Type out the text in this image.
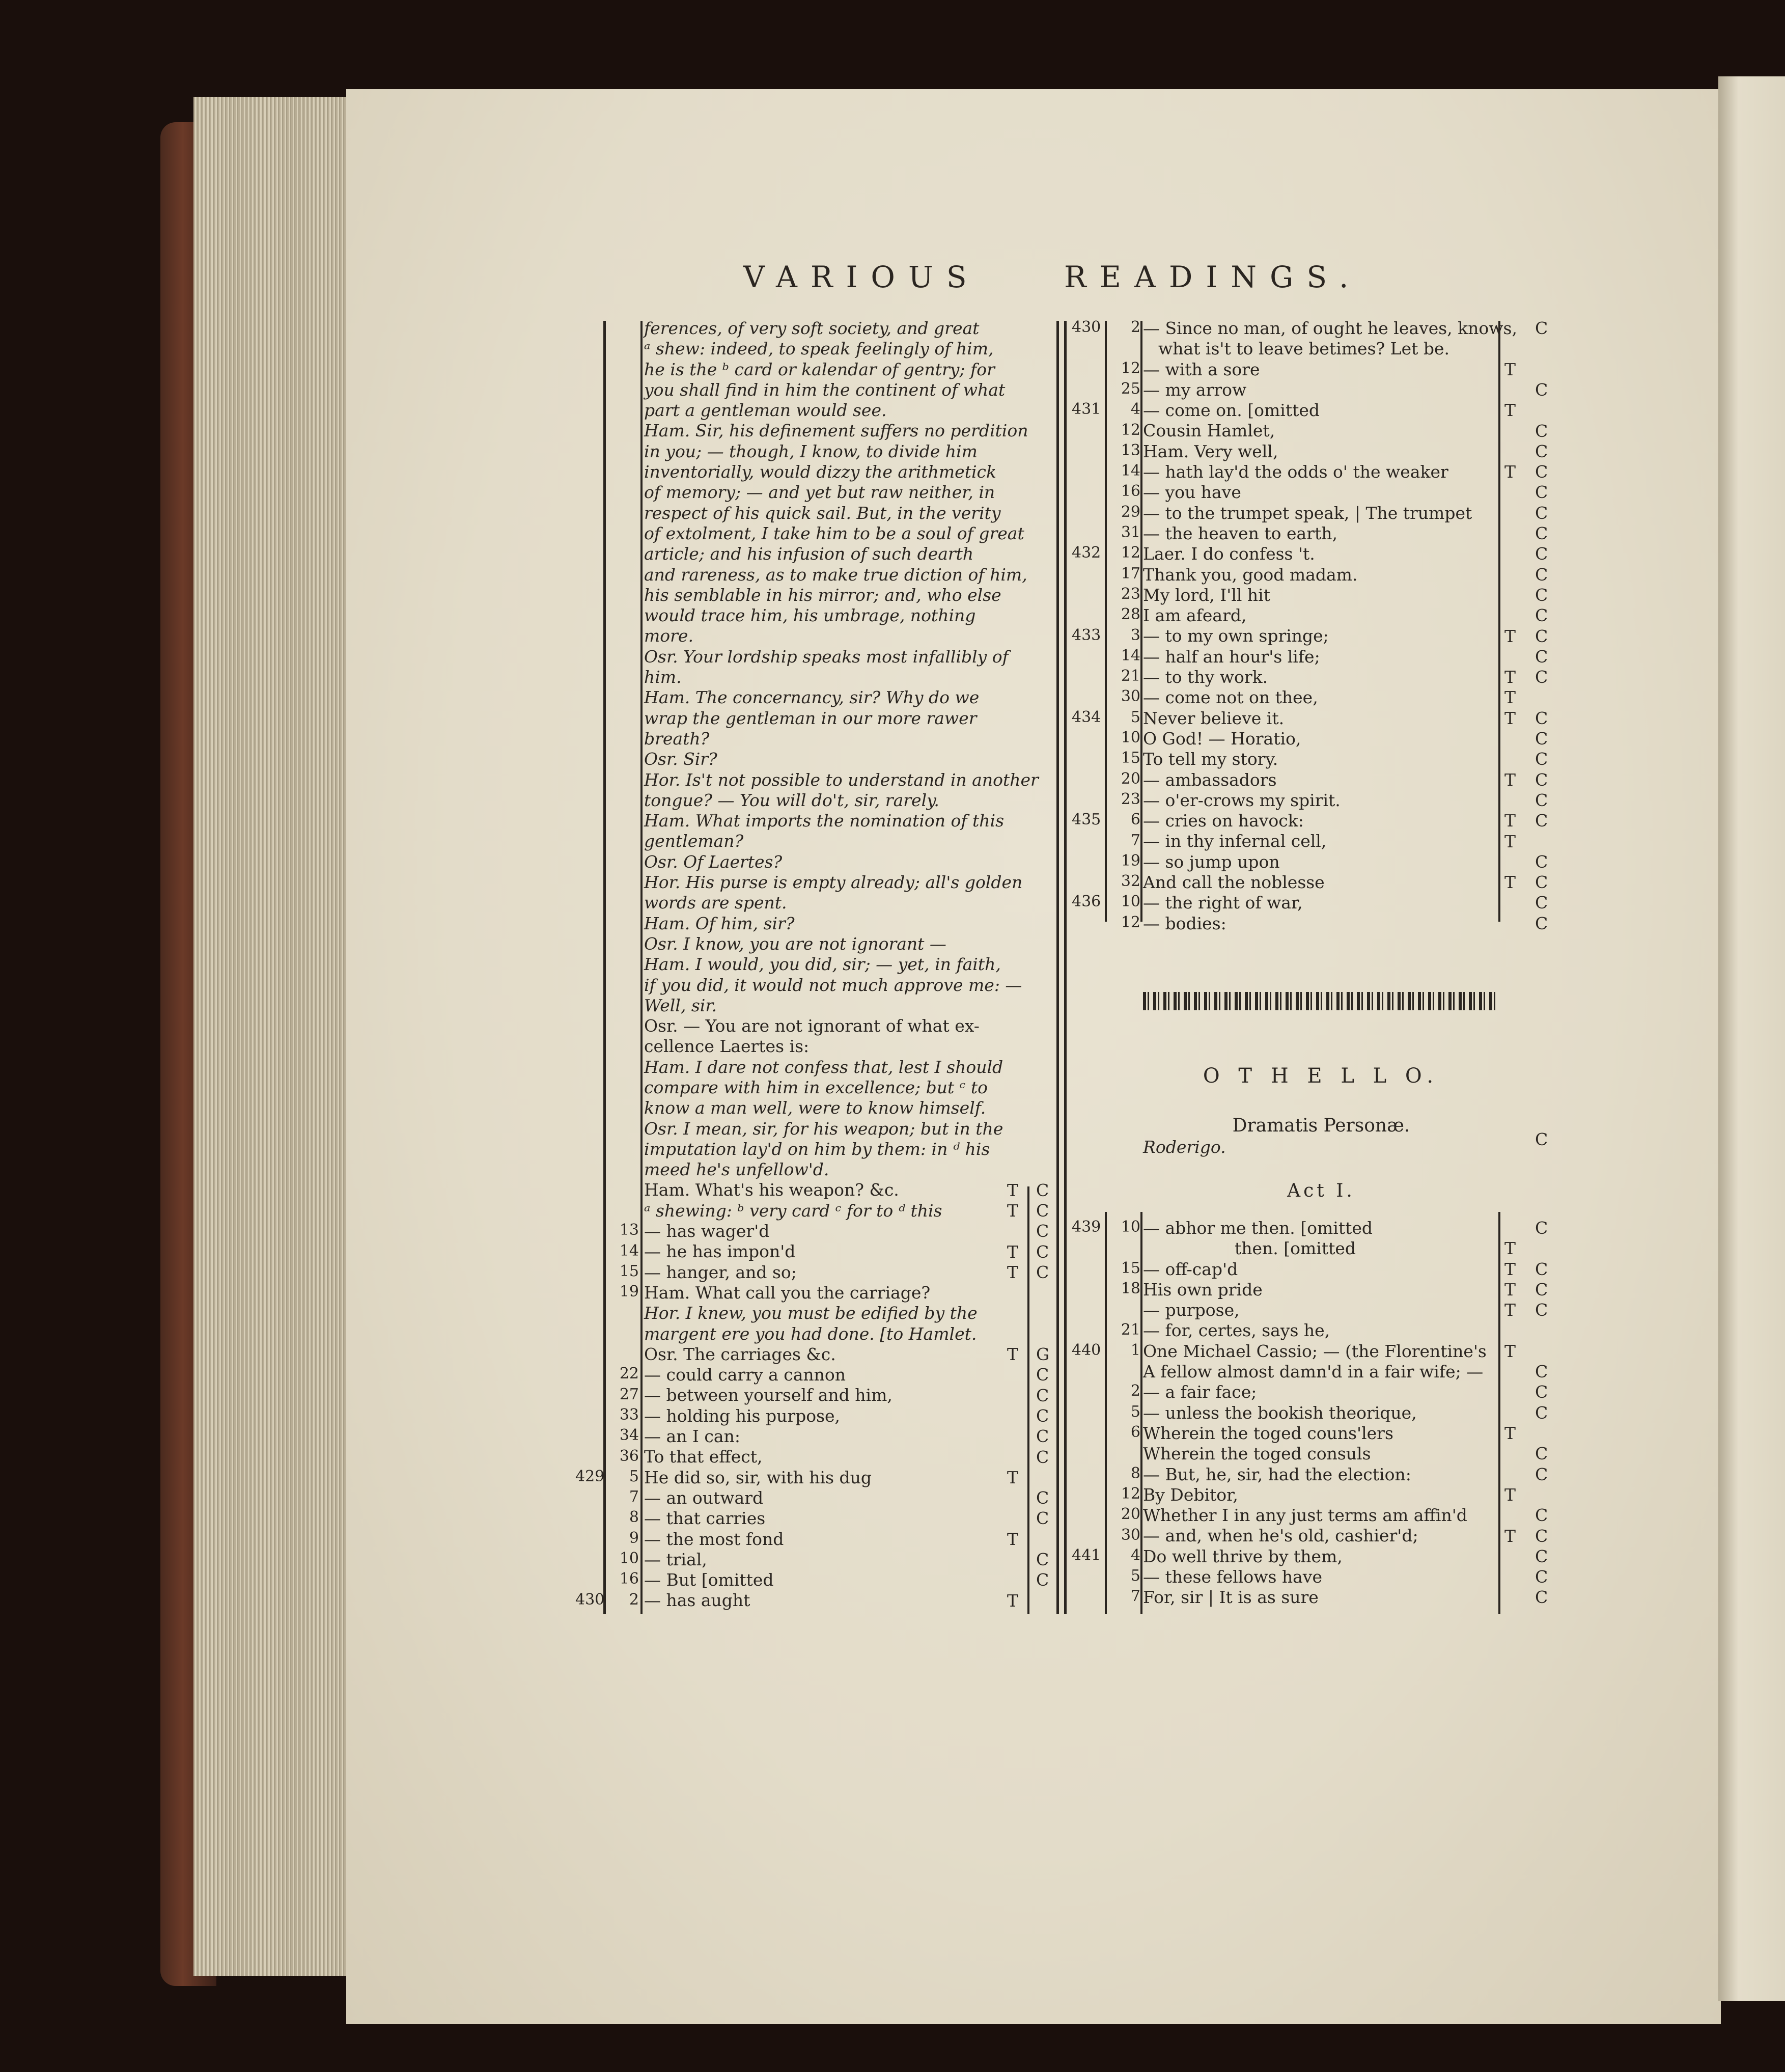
VARIOUS	READINGS.
ferences, of very soft society, and great
ᵃ shew: indeed, to speak feelingly of him,
he is the ᵇ card or kalendar of gentry; for
you shall find in him the continent of what
part a gentleman would see.
Ham. Sir, his definement suffers no perdition
in you; — though, I know, to divide him
inventorially, would dizzy the arithmetick
of memory; — and yet but raw neither, in
respect of his quick sail. But, in the verity
of extolment, I take him to be a soul of great
article; and his infusion of such dearth
and rareness, as to make true diction of him,
his semblable in his mirror; and, who else
would trace him, his umbrage, nothing
more.
Osr. Your lordship speaks most infallibly of
him.
Ham. The concernancy, sir? Why do we
wrap the gentleman in our more rawer
breath?
Osr. Sir?
Hor. Is't not possible to understand in another
tongue? — You will do't, sir, rarely.
Ham. What imports the nomination of this
gentleman?
Osr. Of Laertes?
Hor. His purse is empty already; all's golden
words are spent.
Ham. Of him, sir?
Osr. I know, you are not ignorant —
Ham. I would, you did, sir; — yet, in faith,
if you did, it would not much approve me: —
Well, sir.
Osr. — You are not ignorant of what ex-
cellence Laertes is:
Ham. I dare not confess that, lest I should
compare with him in excellence; but ᶜ to
know a man well, were to know himself.
Osr. I mean, sir, for his weapon; but in the
imputation lay'd on him by them: in ᵈ his
meed he's unfellow'd.
Ham. What's his weapon? &c.
ᵃ shewing: ᵇ very card ᶜ for to ᵈ this
— has wager'd
— he has impon'd
— hanger, and so;
Ham. What call you the carriage?
Hor. I knew, you must be edified by the
margent ere you had done. [to Hamlet.
Osr. The carriages &c.
— could carry a cannon
— between yourself and him,
— holding his purpose,
— an I can:
To that effect,
He did so, sir, with his dug
— an outward
— that carries
— the most fond
— trial,
— But [omitted
— has aught
13
14
15
19
22
27
33
34
36
5
7
8
9
10
16
2
429
430
T
T
T
T
T
T
T
T
C
C
C
C
C
G
C
C
C
C
C
C
C
C
C
— Since no man, of ought he leaves, knows,
what is't to leave betimes? Let be.
— with a sore
— my arrow
— come on. [omitted
Cousin Hamlet,
Ham. Very well,
— hath lay'd the odds o' the weaker
— you have
— to the trumpet speak, | The trumpet
— the heaven to earth,
Laer. I do confess 't.
Thank you, good madam.
My lord, I'll hit
I am afeard,
— to my own springe;
— half an hour's life;
— to thy work.
— come not on thee,
Never believe it.
O God! — Horatio,
To tell my story.
— ambassadors
— o'er-crows my spirit.
— cries on havock:
— in thy infernal cell,
— so jump upon
And call the noblesse
— the right of war,
— bodies:
2
12
25
4
12
13
14
16
29
31
12
17
23
28
3
14
21
30
5
10
15
20
23
6
7
19
32
10
12
430
431
432
433
434
435
436
T
T
T
T
T
T
T
T
T
T
T
C
C
C
C
C
C
C
C
C
C
C
C
C
C
C
C
C
C
C
C
C
C
C
C
C
O T H E L L O.
Dramatis Personæ.
Roderigo.	C
Act I.
— abhor me then. [omitted
then. [omitted
— off-cap'd
His own pride
— purpose,
— for, certes, says he,
One Michael Cassio; — (the Florentine's
A fellow almost damn'd in a fair wife; —
— a fair face;
— unless the bookish theorique,
Wherein the toged couns'lers
Wherein the toged consuls
— But, he, sir, had the election:
By Debitor,
Whether I in any just terms am affin'd
— and, when he's old, cashier'd;
Do well thrive by them,
— these fellows have
For, sir | It is as sure
10
15
18
21
1
2
5
6
8
12
20
30
4
5
7
439
440
441
T
T
T
T
T
T
T
T
C
C
C
C
C
C
C
C
C
C
C
C
C
C
